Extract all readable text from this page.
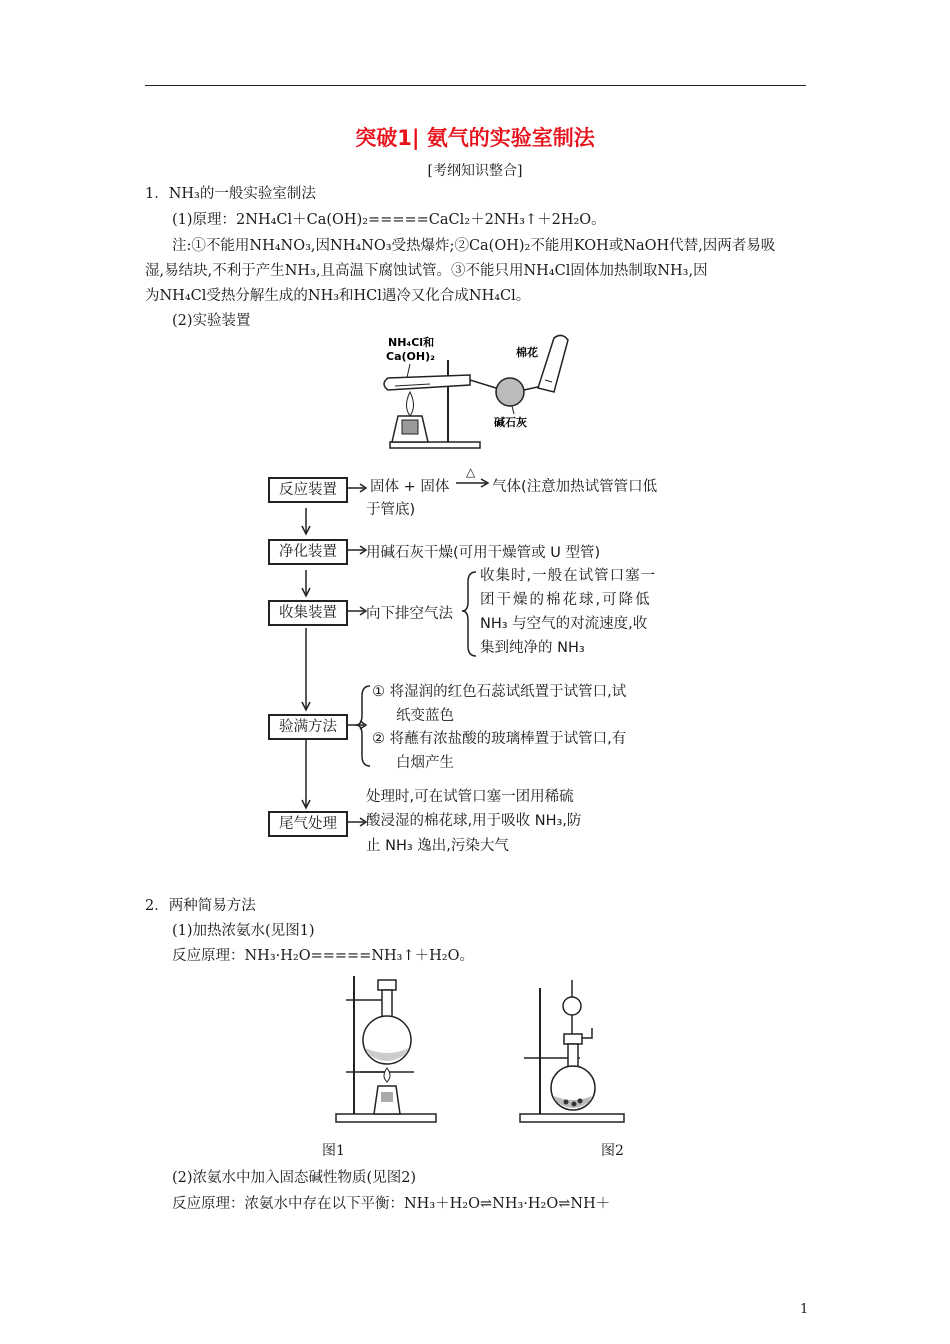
突破1| 氨气的实验室制法
[考纲知识整合]
1．NH₃的一般实验室制法
(1)原理：2NH₄Cl＋Ca(OH)₂=====CaCl₂＋2NH₃↑＋2H₂O。
注:①不能用NH₄NO₃,因NH₄NO₃受热爆炸;②Ca(OH)₂不能用KOH或NaOH代替,因两者易吸
湿,易结块,不利于产生NH₃,且高温下腐蚀试管。③不能只用NH₄Cl固体加热制取NH₃,因
为NH₄Cl受热分解生成的NH₃和HCl遇冷又化合成NH₄Cl。
(2)实验装置
NH₄Cl和
Ca(OH)₂
碱石灰
棉花
反应装置	固体 + 固体
△
气体(注意加热试管管口低
于管底)
净化装置	用碱石灰干燥(可用干燥管或 U 型管)
收集装置	向下排空气法
收集时,一般在试管口塞一
团干燥的棉花球,可降低
NH₃ 与空气的对流速度,收
集到纯净的 NH₃
验满方法
① 将湿润的红色石蕊试纸置于试管口,试
纸变蓝色
② 将蘸有浓盐酸的玻璃棒置于试管口,有
白烟产生
尾气处理
处理时,可在试管口塞一团用稀硫
酸浸湿的棉花球,用于吸收 NH₃,防
止 NH₃ 逸出,污染大气
2．两种简易方法
(1)加热浓氨水(见图1)
反应原理：NH₃·H₂O=====NH₃↑＋H₂O。
图1	图2
(2)浓氨水中加入固态碱性物质(见图2)
反应原理：浓氨水中存在以下平衡：NH₃＋H₂O⇌NH₃·H₂O⇌NH＋
1
